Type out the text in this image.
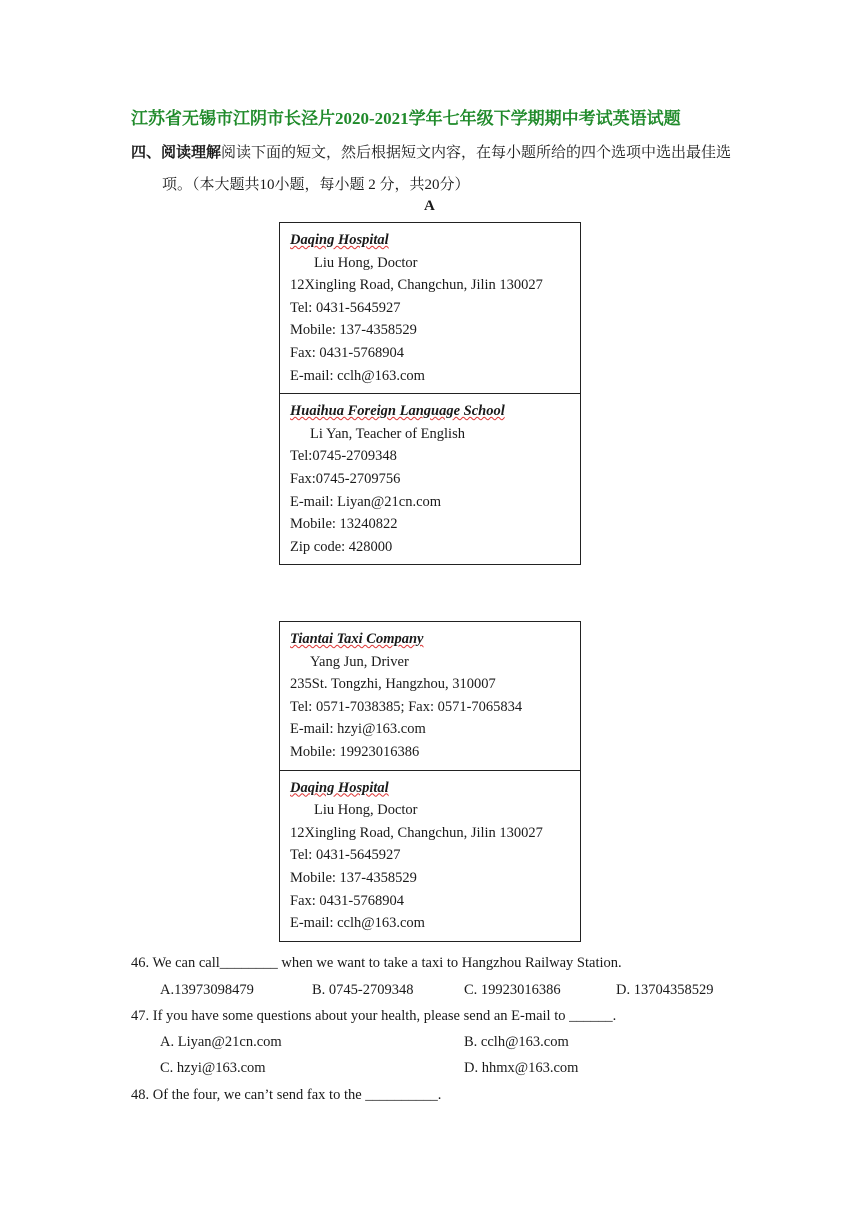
江苏省无锡市江阴市长泾片2020-2021学年七年级下学期期中考试英语试题
四、阅读理解阅读下面的短文，然后根据短文内容，在每小题所给的四个选项中选出最佳选
项。（本大题共10小题，每小题 2 分，共20分）
A
Daqing Hospital
Liu Hong, Doctor
12Xingling Road, Changchun, Jilin 130027
Tel: 0431-5645927
Mobile: 137-4358529
Fax: 0431-5768904
E-mail: cclh@163.com
Huaihua Foreign Language School
Li Yan, Teacher of English
Tel:0745-2709348
Fax:0745-2709756
E-mail: Liyan@21cn.com
Mobile: 13240822
Zip code: 428000
Tiantai Taxi Company
Yang Jun, Driver
235St. Tongzhi, Hangzhou, 310007
Tel: 0571-7038385; Fax: 0571-7065834
E-mail: hzyi@163.com
Mobile: 19923016386
Daqing Hospital
Liu Hong, Doctor
12Xingling Road, Changchun, Jilin 130027
Tel: 0431-5645927
Mobile: 137-4358529
Fax: 0431-5768904
E-mail: cclh@163.com
46. We can call________ when we want to take a taxi to Hangzhou Railway Station.
A.13973098479	B. 0745-2709348	C. 19923016386	D. 13704358529
47. If you have some questions about your health, please send an E-mail to ______.
A. Liyan@21cn.com	B. cclh@163.com
C. hzyi@163.com	D. hhmx@163.com
48. Of the four, we can’t send fax to the __________.
